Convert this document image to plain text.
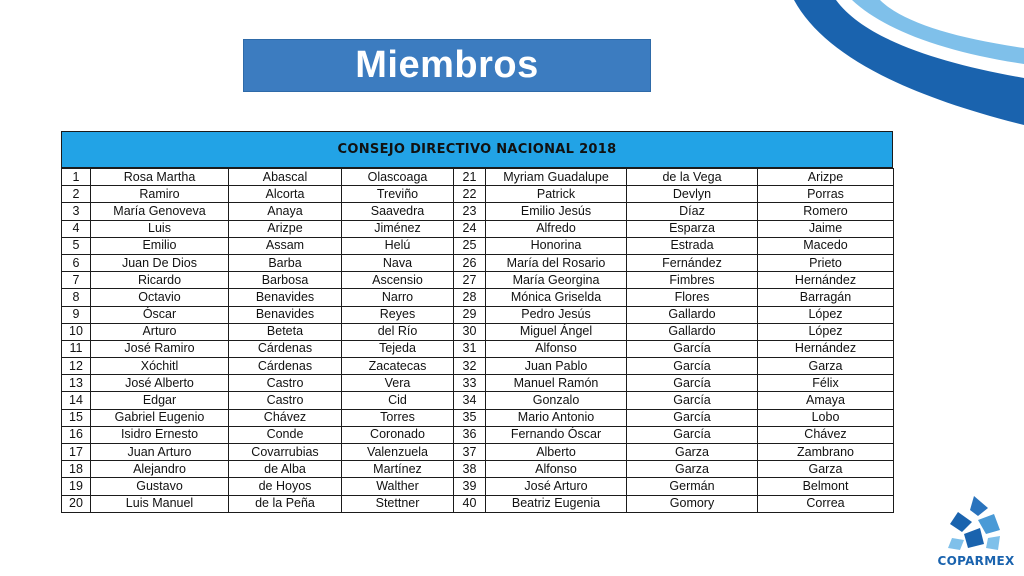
Miembros
CONSEJO DIRECTIVO NACIONAL 2018
1	Rosa Martha	Abascal	Olascoaga	21	Myriam Guadalupe	de la Vega	Arizpe
2	Ramiro	Alcorta	Treviño	22	Patrick	Devlyn	Porras
3	María Genoveva	Anaya	Saavedra	23	Emilio Jesús	Díaz	Romero
4	Luis	Arizpe	Jiménez	24	Alfredo	Esparza	Jaime
5	Emilio	Assam	Helú	25	Honorina	Estrada	Macedo
6	Juan De Dios	Barba	Nava	26	María del Rosario	Fernández	Prieto
7	Ricardo	Barbosa	Ascensio	27	María Georgina	Fimbres	Hernández
8	Octavio	Benavides	Narro	28	Mónica Griselda	Flores	Barragán
9	Óscar	Benavides	Reyes	29	Pedro Jesús	Gallardo	López
10	Arturo	Beteta	del Río	30	Miguel Ángel	Gallardo	López
11	José Ramiro	Cárdenas	Tejeda	31	Alfonso	García	Hernández
12	Xóchitl	Cárdenas	Zacatecas	32	Juan Pablo	García	Garza
13	José Alberto	Castro	Vera	33	Manuel Ramón	García	Félix
14	Edgar	Castro	Cid	34	Gonzalo	García	Amaya
15	Gabriel Eugenio	Chávez	Torres	35	Mario Antonio	García	Lobo
16	Isidro Ernesto	Conde	Coronado	36	Fernando Óscar	García	Chávez
17	Juan Arturo	Covarrubias	Valenzuela	37	Alberto	Garza	Zambrano
18	Alejandro	de Alba	Martínez	38	Alfonso	Garza	Garza
19	Gustavo	de Hoyos	Walther	39	José Arturo	Germán	Belmont
20	Luis Manuel	de la Peña	Stettner	40	Beatriz Eugenia	Gomory	Correa
COPARMEX
